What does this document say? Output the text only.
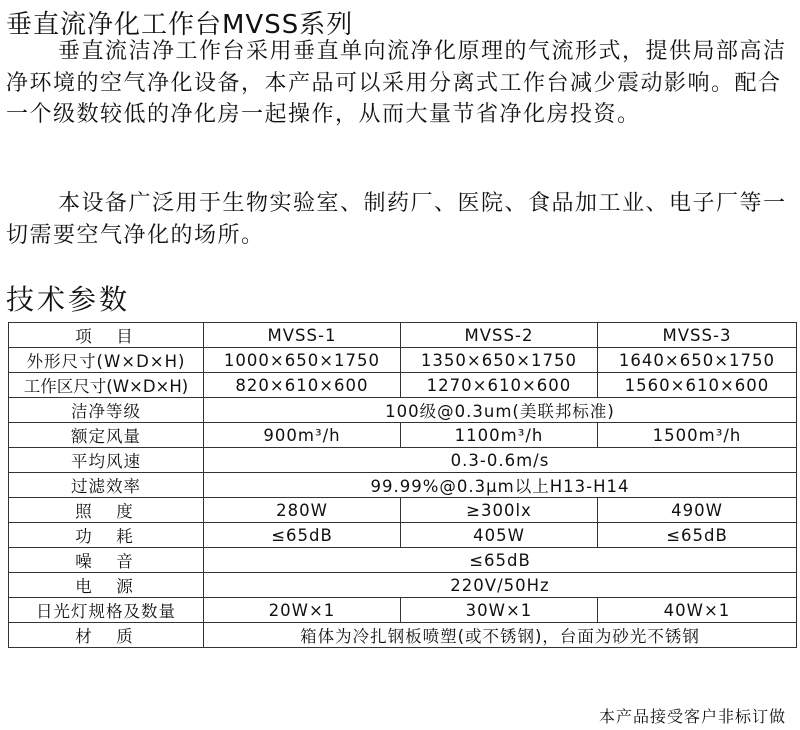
垂直流净化工作台MVSS系列
垂直流洁净工作台采用垂直单向流净化原理的气流形式，提供局部高洁净环境的空气净化设备，本产品可以采用分离式工作台减少震动影响。配合一个级数较低的净化房一起操作，从而大量节省净化房投资。
本设备广泛用于生物实验室、制药厂、医院、食品加工业、电子厂等一切需要空气净化的场所。
技术参数
项　目	MVSS-1	MVSS-2	MVSS-3
外形尺寸(W×D×H)	1000×650×1750	1350×650×1750	1640×650×1750
工作区尺寸(W×D×H)	820×610×600	1270×610×600	1560×610×600
洁净等级	100级@0.3um(美联邦标准)		
额定风量	900m³/h	1100m³/h	1500m³/h
平均风速	0.3-0.6m/s		
过滤效率	99.99%@0.3μm以上H13-H14		
照　度	280W	≥300lx	490W
功　耗	≤65dB	405W	≤65dB
噪　音	≤65dB		
电　源	220V/50Hz		
日光灯规格及数量	20W×1	30W×1	40W×1
材　质	箱体为冷扎钢板喷塑(或不锈钢)，台面为砂光不锈钢		
本产品接受客户非标订做
